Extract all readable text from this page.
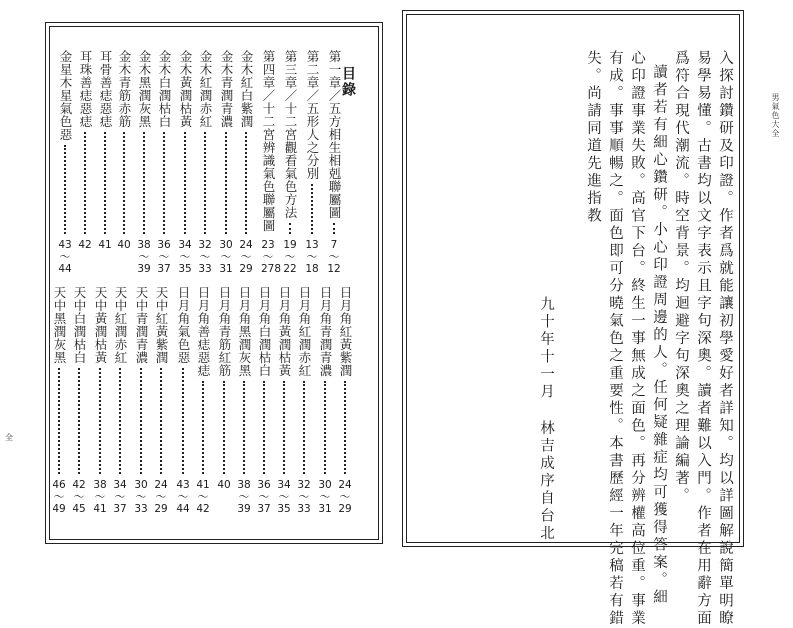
全
男氣色大全
目錄
第一章／五方相生相剋聯屬圖
7
～
12
第二章／五形人之分別
13
～
18
第三章／十二宮觀看氣色方法
19
～
22
第四章／十二宮辨識氣色聯屬圖
23
～
278
金木紅白紫潤
24
～
29
金木青潤青濃
30
～
31
金木紅潤赤紅
32
～
33
金木黃潤枯黃
34
～
35
金木白潤枯白
36
～
37
金木黑潤灰黑
38
～
39
金木青筋赤筋
40
耳骨善痣惡痣
41
耳珠善痣惡痣
42
金星木星氣色惡
43
～
44
日月角紅黃紫潤
24
～
29
日月角青潤青濃
30
～
31
日月角紅潤赤紅
32
～
33
日月角黃潤枯黃
34
～
35
日月角白潤枯白
36
～
37
日月角黑潤灰黑
38
～
39
日月角青筋紅筋
40
日月角善痣惡痣
41
～
42
日月角氣色惡
43
～
44
天中紅黃紫潤
24
～
29
天中青潤青濃
30
～
33
天中紅潤赤紅
34
～
37
天中黃潤枯黃
38
～
41
天中白潤枯白
42
～
45
天中黑潤灰黑
46
～
49	入探討鑽研及印證。作者爲就能讓初學愛好者詳知。均以詳圖解說簡單明瞭
易學易懂。古書均以文字表示且字句深奧。讀者難以入門。作者在用辭方面
爲符合現代潮流。時空背景。均迴避字句深奧之理論編著。
讀者若有細心鑽研。小心印證周邊的人。任何疑雜症均可獲得答案。細
心印證事業失敗。高官下台。終生一事無成之面色。再分辨權高位重。事業
有成。事事順暢之。面色即可分曉氣色之重要性。本書歷經一年完稿若有錯
失。尚請同道先進指教
九十年十一月
林吉成序自台北
